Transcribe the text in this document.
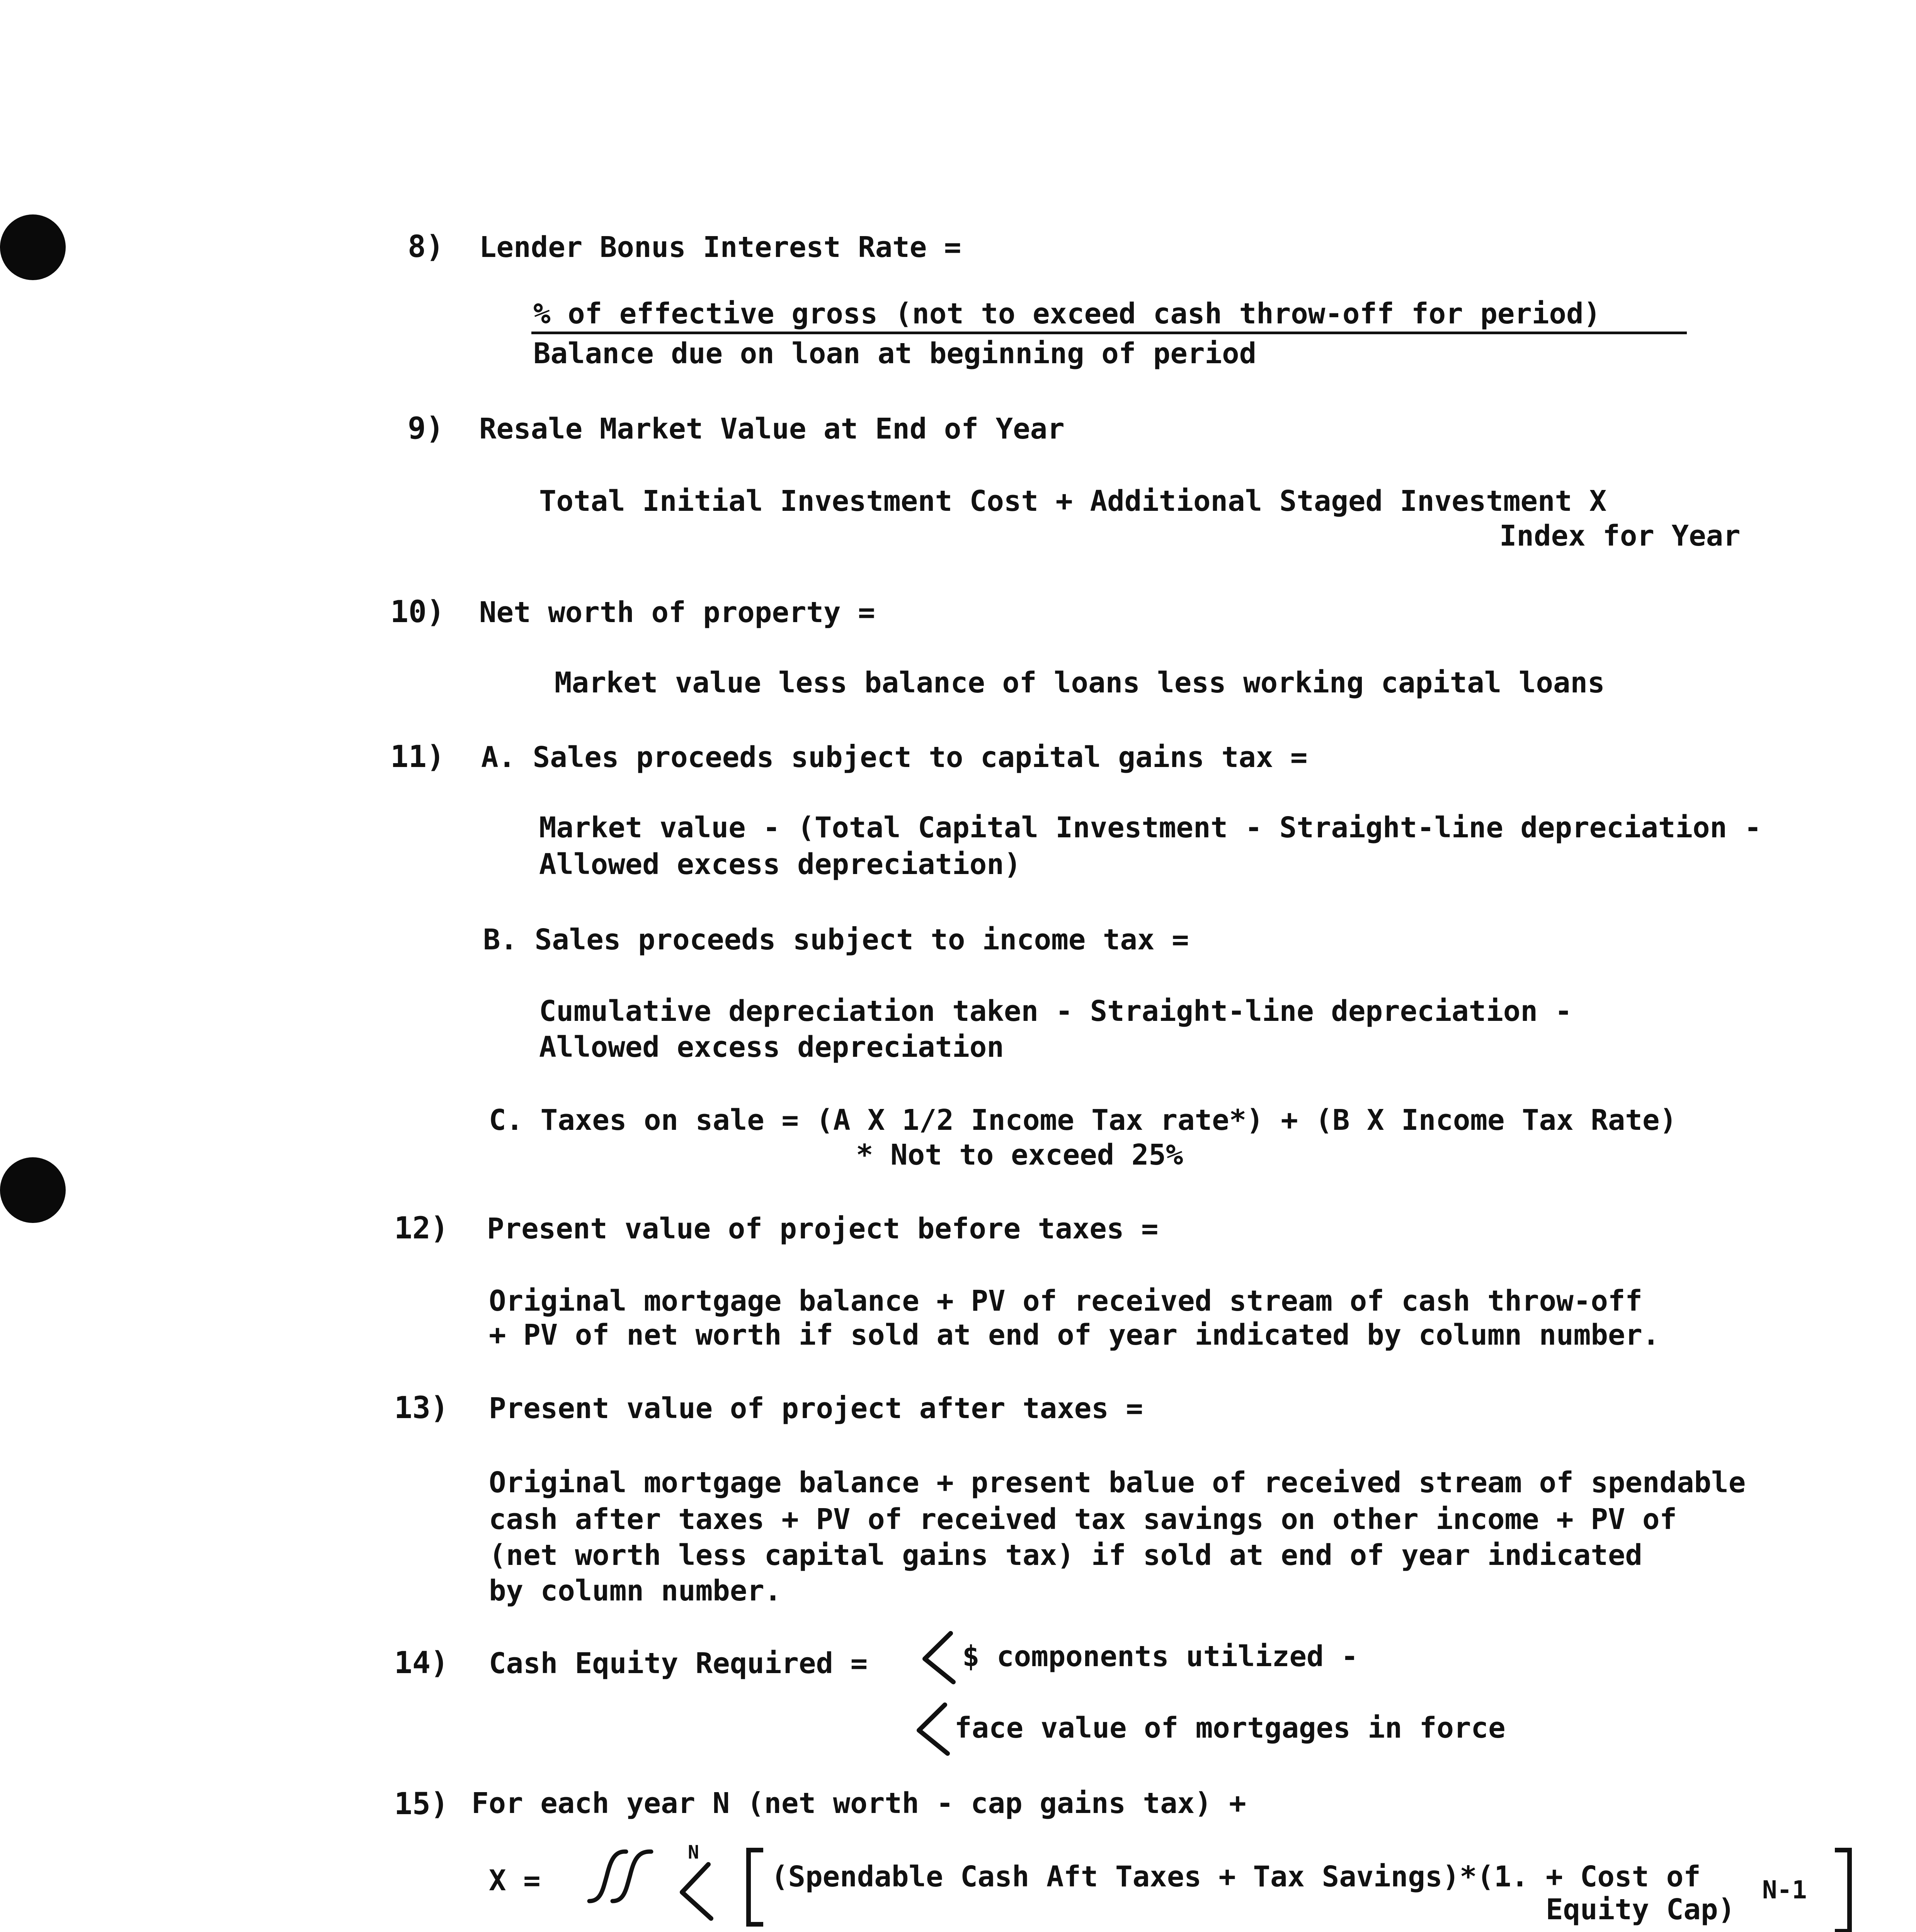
8) Lender Bonus Interest Rate =
% of effective gross (not to exceed cash throw-off for period)
Balance due on loan at beginning of period
9) Resale Market Value at End of Year
Total Initial Investment Cost + Additional Staged Investment X
Index for Year
10) Net worth of property =
Market value less balance of loans less working capital loans
11) A. Sales proceeds subject to capital gains tax =
Market value - (Total Capital Investment - Straight-line depreciation -
Allowed excess depreciation)
B. Sales proceeds subject to income tax =
Cumulative depreciation taken - Straight-line depreciation -
Allowed excess depreciation
C. Taxes on sale = (A X 1/2 Income Tax rate*) + (B X Income Tax Rate)
* Not to exceed 25%
12) Present value of project before taxes =
Original mortgage balance + PV of received stream of cash throw-off
+ PV of net worth if sold at end of year indicated by column number.
13) Present value of project after taxes =
Original mortgage balance + present balue of received stream of spendable
cash after taxes + PV of received tax savings on other income + PV of
(net worth less capital gains tax) if sold at end of year indicated
by column number.
14) Cash Equity Required =	$ components utilized -
face value of mortgages in force
15) For each year N (net worth - cap gains tax) +
X =
N
(Spendable Cash Aft Taxes + Tax Savings)*(1. + Cost of
Equity Cap)
N-1
